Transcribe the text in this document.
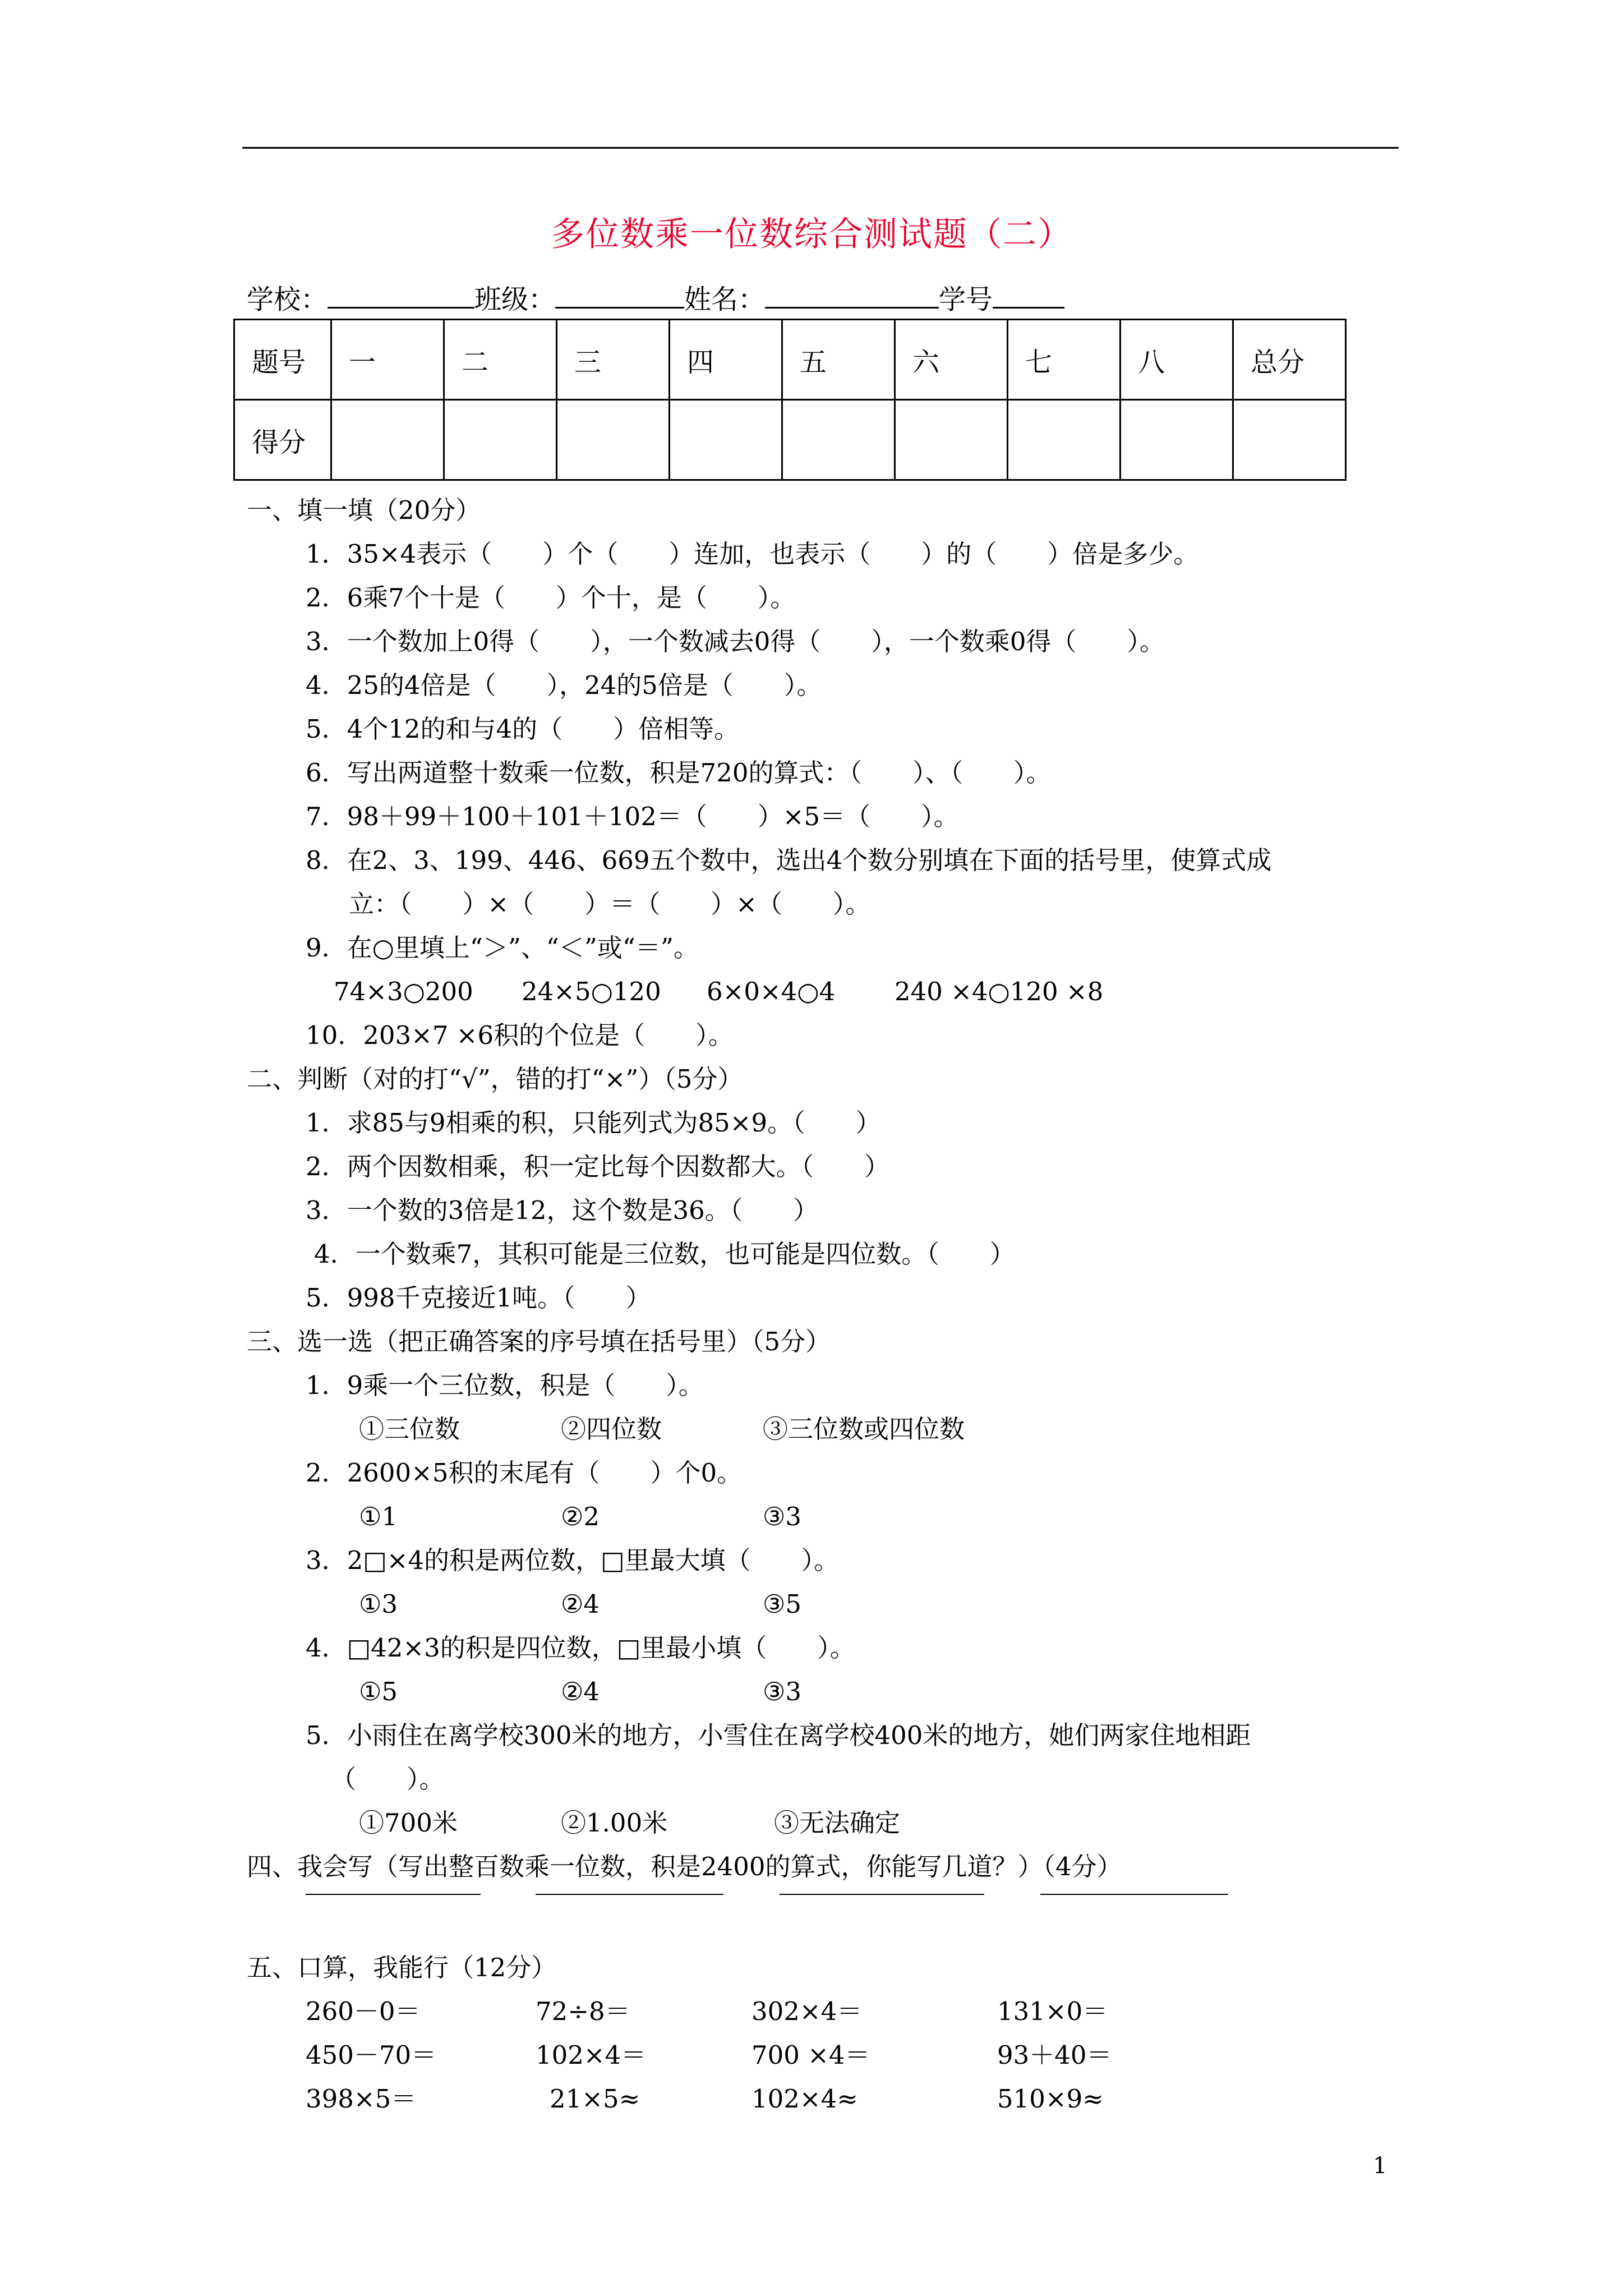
多位数乘一位数综合测试题（二）
学校：	班级：	姓名：	学号
题号	一	二	三	四	五	六	七	八	总分
得分									
一、填一填（20分）
1．35×4表示（　　）个（　　）连加，也表示（　　）的（　　）倍是多少。
2．6乘7个十是（　　）个十，是（　　）。
3．一个数加上0得（　　），一个数减去0得（　　），一个数乘0得（　　）。
4．25的4倍是（　　），24的5倍是（　　）。
5．4个12的和与4的（　　）倍相等。
6．写出两道整十数乘一位数，积是720的算式：（　　）、（　　）。
7．98＋99＋100＋101＋102＝（　　）×5＝（　　）。
8．在2、3、199、446、669五个数中，选出4个数分别填在下面的括号里，使算式成
立：（　　）×（　　）＝（　　）×（　　）。
9．在○里填上“＞”、“＜”或“＝”。
74×3○200 24×5○120 6×0×4○4 240 ×4○120 ×8
10．203×7 ×6积的个位是（　　）。
二、判断（对的打“√”，错的打“×”）（5分）
1．求85与9相乘的积，只能列式为85×9。（　　）
2．两个因数相乘，积一定比每个因数都大。（　　）
3．一个数的3倍是12，这个数是36。（　　）
4．一个数乘7，其积可能是三位数，也可能是四位数。（　　）
5．998千克接近1吨。（　　）
三、选一选（把正确答案的序号填在括号里）（5分）
1．9乘一个三位数，积是（　　）。
①三位数	②四位数	③三位数或四位数
2．2600×5积的末尾有（　　）个0。
①1	②2	③3
3．2□×4的积是两位数，□里最大填（　　）。
①3	②4	③5
4．□42×3的积是四位数，□里最小填（　　）。
①5	②4	③3
5．小雨住在离学校300米的地方，小雪住在离学校400米的地方，她们两家住地相距
（　　）。
①700米	②1.00米	③无法确定
四、我会写（写出整百数乘一位数，积是2400的算式，你能写几道？）（4分）
五、口算，我能行（12分）
260－0＝	72÷8＝	302×4＝	131×0＝
450－70＝	102×4＝	700 ×4＝	93＋40＝
398×5＝	21×5≈	102×4≈	510×9≈
1
